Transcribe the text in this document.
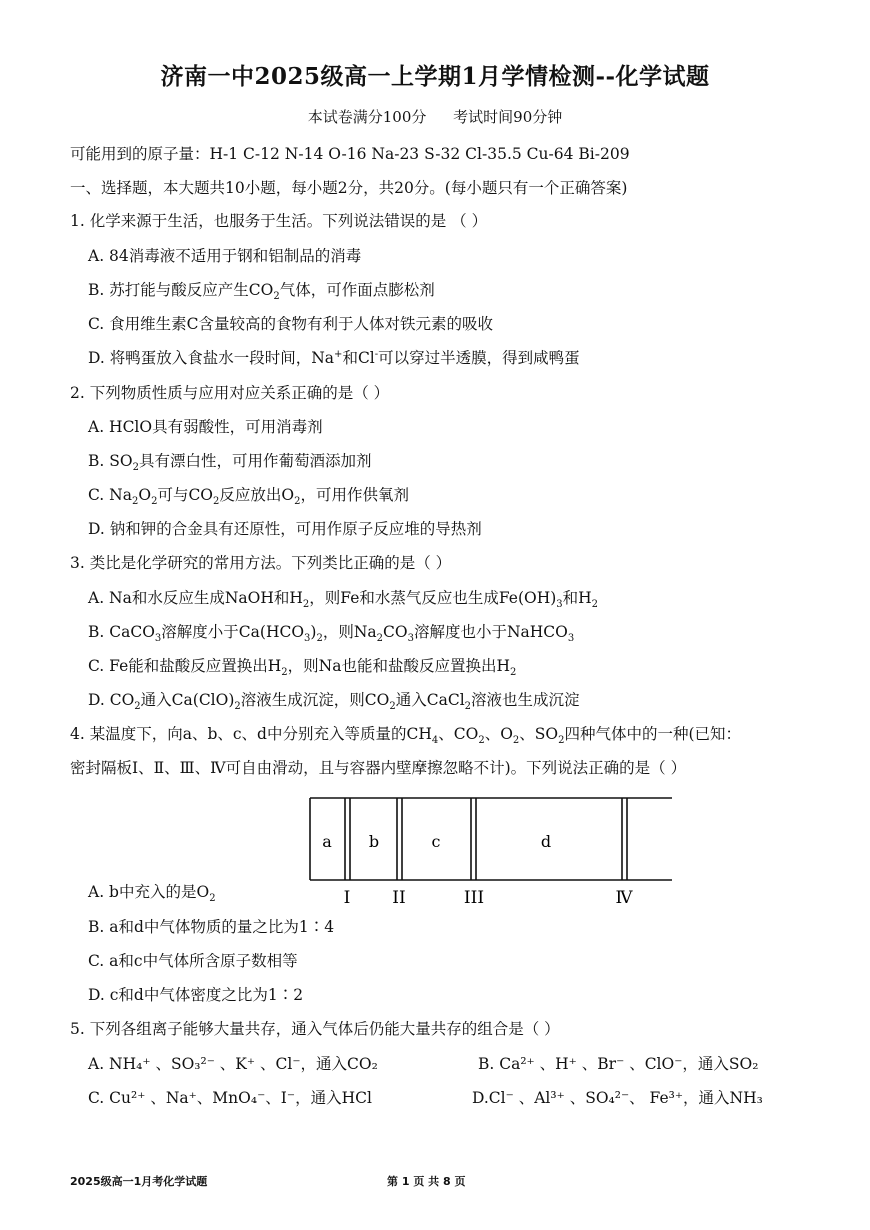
济南一中2025级高一上学期1月学情检测--化学试题
本试卷满分100分 考试时间90分钟
可能用到的原子量：H-1 C-12 N-14 O-16 Na-23 S-32 Cl-35.5 Cu-64 Bi-209
一、选择题，本大题共10小题，每小题2分，共20分。(每小题只有一个正确答案)
1. 化学来源于生活，也服务于生活。下列说法错误的是 （ ）
A. 84消毒液不适用于钢和铝制品的消毒
B. 苏打能与酸反应产生$CO_2$气体，可作面点膨松剂
C. 食用维生素C含量较高的食物有利于人体对铁元素的吸收
D. 将鸭蛋放入食盐水一段时间，Na+和Cl-可以穿过半透膜，得到咸鸭蛋
2. 下列物质性质与应用对应关系正确的是（ ）
A. HClO具有弱酸性，可用消毒剂
B. $SO_2$具有漂白性，可用作葡萄酒添加剂
C. $Na_2O_2$可与$CO_2$反应放出$O_2$，可用作供氧剂
D. 钠和钾的合金具有还原性，可用作原子反应堆的导热剂
3. 类比是化学研究的常用方法。下列类比正确的是（ ）
A. Na和水反应生成NaOH和$H_2$，则Fe和水蒸气反应也生成$Fe(OH)_3$和$H_2$
B. CaCO$_3$溶解度小于$Ca(HCO_3)_2$，则$Na_2CO_3$溶解度也小于NaHCO$_3$
C. Fe能和盐酸反应置换出$H_2$，则Na也能和盐酸反应置换出$H_2$
D. $CO_2$通入$Ca(ClO)_2$溶液生成沉淀，则$CO_2$通入CaCl$_2$溶液也生成沉淀
4. 某温度下，向a、b、c、d中分别充入等质量的$CH_4$、$CO_2$、$O_2$、$SO_2$四种气体中的一种(已知：
密封隔板Ⅰ、Ⅱ、Ⅲ、Ⅳ可自由滑动，且与容器内壁摩擦忽略不计)。下列说法正确的是（ ）
a b	c	d
I II	III	Ⅳ
A. b中充入的是$O_2$
B. a和d中气体物质的量之比为1∶4
C. a和c中气体所含原子数相等
D. c和d中气体密度之比为1∶2
5. 下列各组离子能够大量共存，通入气体后仍能大量共存的组合是（ ）
A. NH₄⁺ 、SO₃²⁻ 、K⁺ 、Cl⁻，通入CO₂	B. Ca²⁺ 、H⁺ 、Br⁻ 、ClO⁻，通入SO₂
C. Cu²⁺ 、Na⁺、MnO₄⁻、I⁻，通入HCl	D.Cl⁻ 、Al³⁺ 、SO₄²⁻、 Fe³⁺，通入NH₃
2025级高一1月考化学试题	第 1 页 共 8 页
